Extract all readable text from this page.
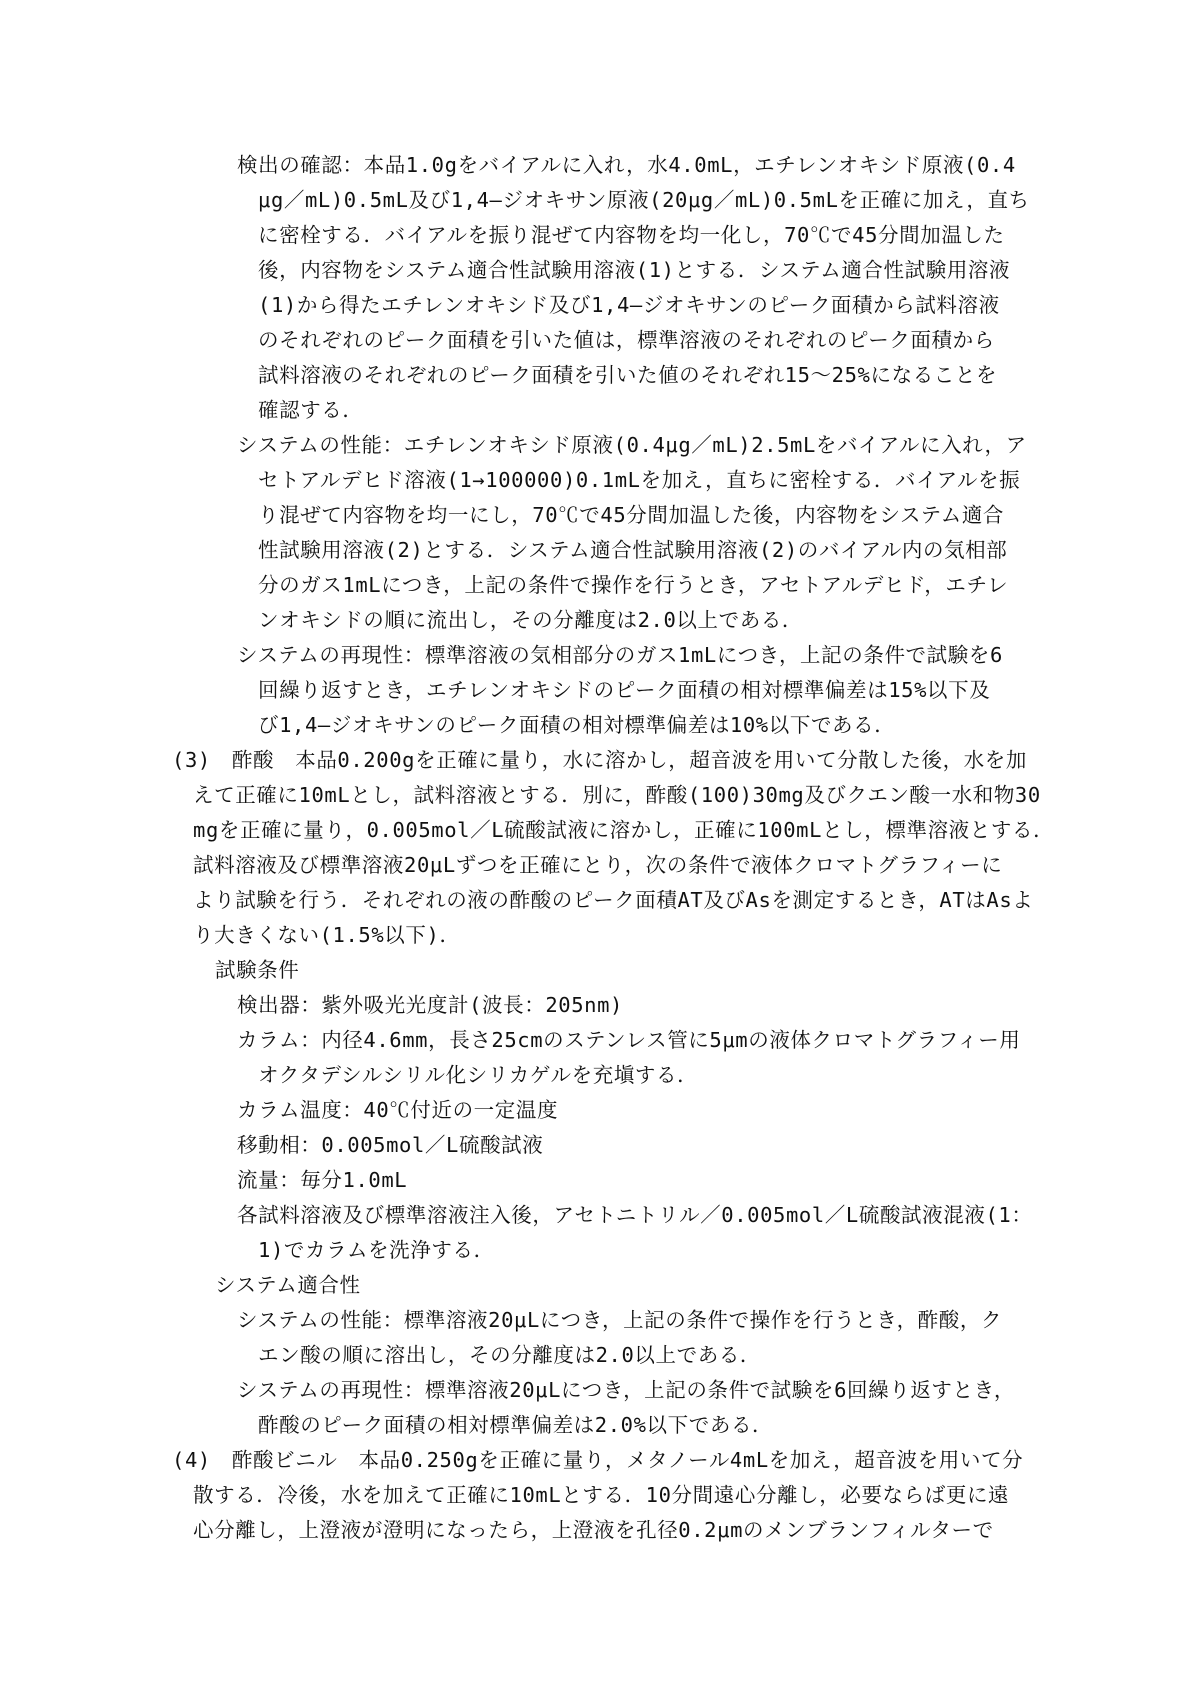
検出の確認：本品1.0gをバイアルに入れ，水4.0mL，エチレンオキシド原液(0.4
μg／mL)0.5mL及び1,4―ジオキサン原液(20μg／mL)0.5mLを正確に加え，直ち
に密栓する．バイアルを振り混ぜて内容物を均一化し，70℃で45分間加温した
後，内容物をシステム適合性試験用溶液(1)とする．システム適合性試験用溶液
(1)から得たエチレンオキシド及び1,4―ジオキサンのピーク面積から試料溶液
のそれぞれのピーク面積を引いた値は，標準溶液のそれぞれのピーク面積から
試料溶液のそれぞれのピーク面積を引いた値のそれぞれ15～25%になることを
確認する．
システムの性能：エチレンオキシド原液(0.4μg／mL)2.5mLをバイアルに入れ，ア
セトアルデヒド溶液(1→100000)0.1mLを加え，直ちに密栓する．バイアルを振
り混ぜて内容物を均一にし，70℃で45分間加温した後，内容物をシステム適合
性試験用溶液(2)とする．システム適合性試験用溶液(2)のバイアル内の気相部
分のガス1mLにつき，上記の条件で操作を行うとき，アセトアルデヒド，エチレ
ンオキシドの順に流出し，その分離度は2.0以上である．
システムの再現性：標準溶液の気相部分のガス1mLにつき，上記の条件で試験を6
回繰り返すとき，エチレンオキシドのピーク面積の相対標準偏差は15%以下及
び1,4―ジオキサンのピーク面積の相対標準偏差は10%以下である．
(3)　酢酸　本品0.200gを正確に量り，水に溶かし，超音波を用いて分散した後，水を加
えて正確に10mLとし，試料溶液とする．別に，酢酸(100)30mg及びクエン酸一水和物30
mgを正確に量り，0.005mol／L硫酸試液に溶かし，正確に100mLとし，標準溶液とする．
試料溶液及び標準溶液20μLずつを正確にとり，次の条件で液体クロマトグラフィーに
より試験を行う．それぞれの液の酢酸のピーク面積AT及びAsを測定するとき，ATはAsよ
り大きくない(1.5%以下)．
試験条件
検出器：紫外吸光光度計(波長：205nm)
カラム：内径4.6mm，長さ25cmのステンレス管に5μmの液体クロマトグラフィー用
オクタデシルシリル化シリカゲルを充塡する．
カラム温度：40℃付近の一定温度
移動相：0.005mol／L硫酸試液
流量：毎分1.0mL
各試料溶液及び標準溶液注入後，アセトニトリル／0.005mol／L硫酸試液混液(1：
1)でカラムを洗浄する．
システム適合性
システムの性能：標準溶液20μLにつき，上記の条件で操作を行うとき，酢酸，ク
エン酸の順に溶出し，その分離度は2.0以上である．
システムの再現性：標準溶液20μLにつき，上記の条件で試験を6回繰り返すとき，
酢酸のピーク面積の相対標準偏差は2.0%以下である．
(4)　酢酸ビニル　本品0.250gを正確に量り，メタノール4mLを加え，超音波を用いて分
散する．冷後，水を加えて正確に10mLとする．10分間遠心分離し，必要ならば更に遠
心分離し，上澄液が澄明になったら，上澄液を孔径0.2μmのメンブランフィルターで
